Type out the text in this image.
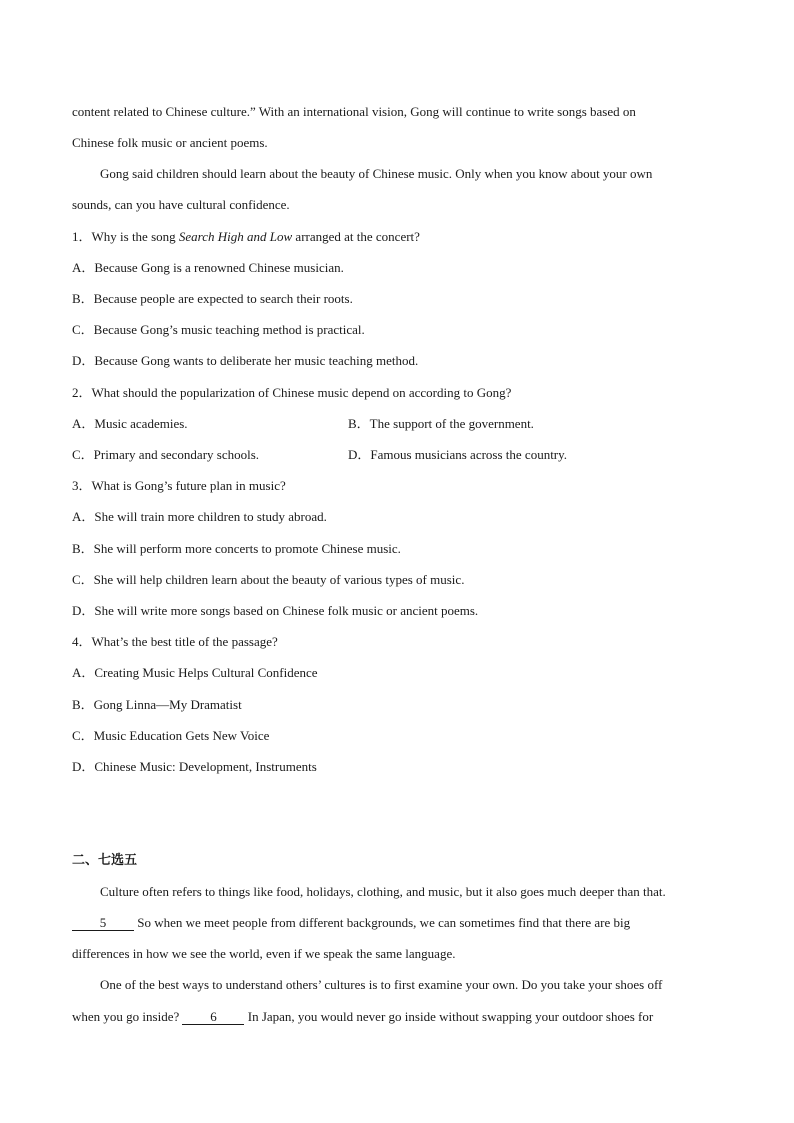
content related to Chinese culture.” With an international vision, Gong will continue to write songs based on
Chinese folk music or ancient poems.
Gong said children should learn about the beauty of Chinese music. Only when you know about your own
sounds, can you have cultural confidence.
1．Why is the song Search High and Low arranged at the concert?
A．Because Gong is a renowned Chinese musician.
B．Because people are expected to search their roots.
C．Because Gong’s music teaching method is practical.
D．Because Gong wants to deliberate her music teaching method.
2．What should the popularization of Chinese music depend on according to Gong?
A．Music academies.	B．The support of the government.
C．Primary and secondary schools.	D．Famous musicians across the country.
3．What is Gong’s future plan in music?
A．She will train more children to study abroad.
B．She will perform more concerts to promote Chinese music.
C．She will help children learn about the beauty of various types of music.
D．She will write more songs based on Chinese folk music or ancient poems.
4．What’s the best title of the passage?
A．Creating Music Helps Cultural Confidence
B．Gong Linna—My Dramatist
C．Music Education Gets New Voice
D．Chinese Music: Development, Instruments
二、七选五
Culture often refers to things like food, holidays, clothing, and music, but it also goes much deeper than that.
5 So when we meet people from different backgrounds, we can sometimes find that there are big
differences in how we see the world, even if we speak the same language.
One of the best ways to understand others’ cultures is to first examine your own. Do you take your shoes off
when you go inside? 6 In Japan, you would never go inside without swapping your outdoor shoes for
